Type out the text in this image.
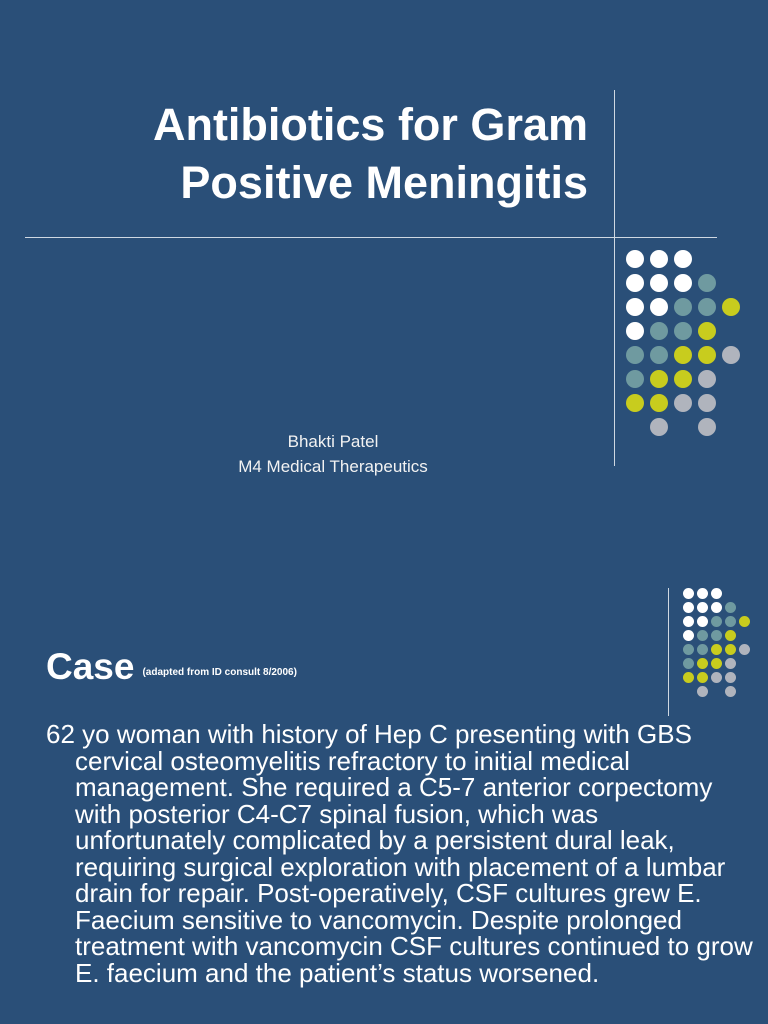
Antibiotics for Gram Positive Meningitis
Bhakti Patel
M4 Medical Therapeutics
Case $^{(adapted from ID consult 8/2006)}$

62 yo woman with history of Hep C presenting with GBS cervical osteomyelitis refractory to initial medical management. She required a C5-7 anterior corpectomy with posterior C4-C7 spinal fusion, which was unfortunately complicated by a persistent dural leak, requiring surgical exploration with placement of a lumbar drain for repair. Post-operatively, CSF cultures grew E. Faecium sensitive to vancomycin. Despite prolonged treatment with vancomycin CSF cultures continued to grow E. faecium and the patient’s status worsened.
